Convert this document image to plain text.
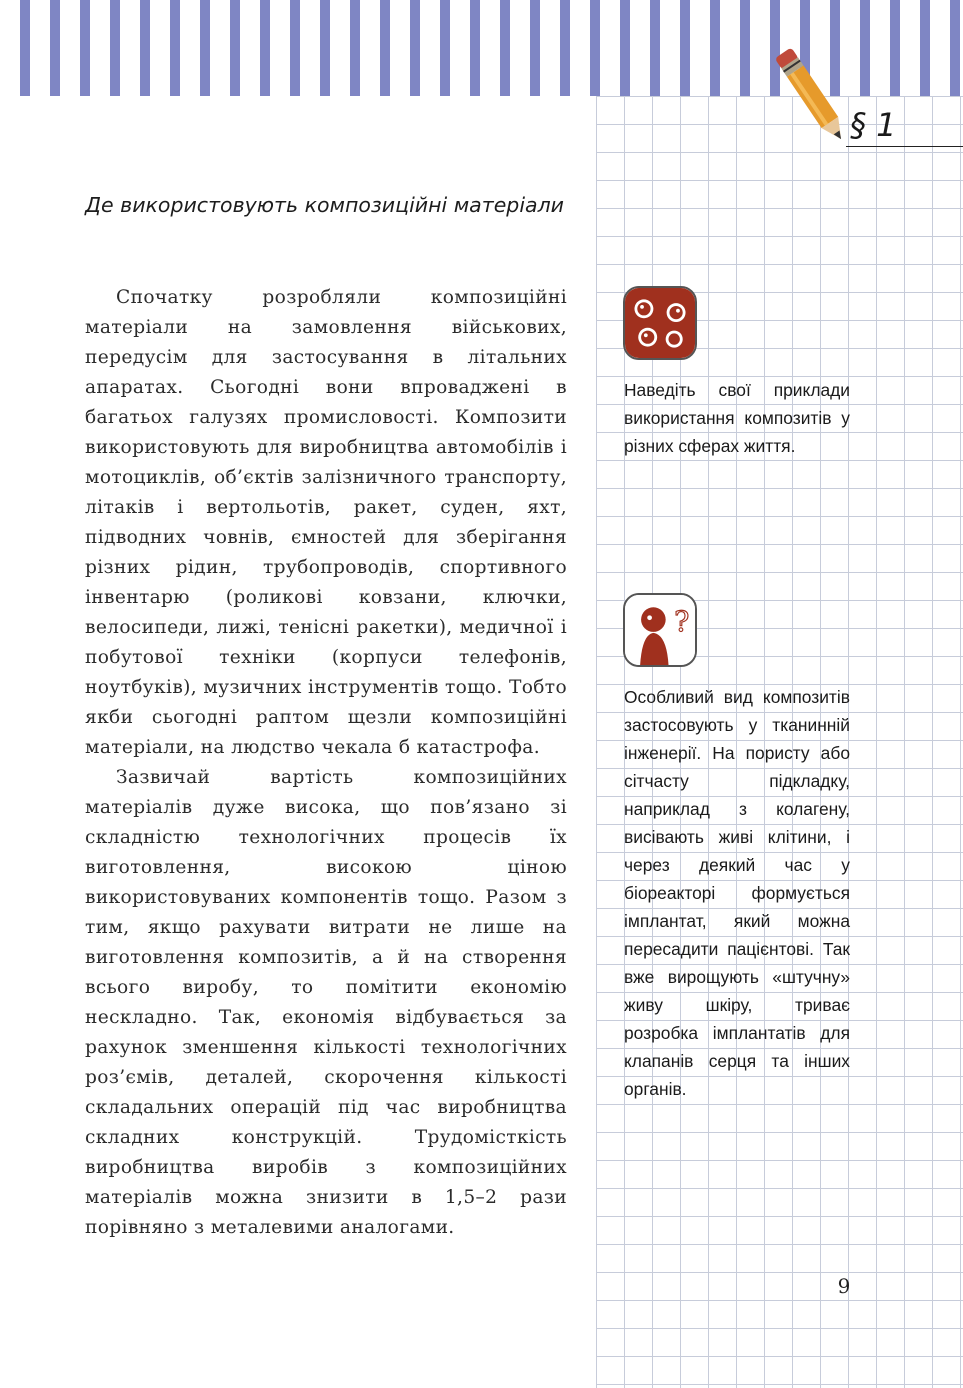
§ 1
Де використовують композиційні матеріали

Спочатку розробляли композиційні матеріали на замовлення військових, передусім для застосування в літальних апаратах. Сьогодні вони впроваджені в багатьох галузях промисловості. Композити використовують для виробництва автомобілів і мотоциклів, об’єктів залізничного транспорту, літаків і вертольотів, ракет, суден, яхт, підводних човнів, ємностей для зберігання різних рідин, трубопроводів, спортивного інвентарю (роликові ковзани, ключки, велосипеди, лижі, тенісні ракетки), медичної і побутової техніки (корпуси телефонів, ноутбуків), музичних інструментів тощо. Тобто якби сьогодні раптом щезли композиційні матеріали, на людство чекала б катастрофа.

Зазвичай вартість композиційних матеріалів дуже висока, що пов’язано зі складністю технологічних процесів їх виготовлення, високою ціною використовуваних компонентів тощо. Разом з тим, якщо рахувати витрати не лише на виготовлення композитів, а й на створення всього виробу, то помітити економію нескладно. Так, економія відбувається за рахунок зменшення кількості технологічних роз’ємів, деталей, скорочення кількості складальних операцій під час виробництва складних конструкцій. Трудомісткість виробництва виробів з композиційних матеріалів можна знизити в 1,5–2 рази порівняно з металевими аналогами.

Наведіть свої приклади використання композитів у різних сферах життя.
?
Особливий вид композитів застосовують у тканинній інженерії. На пористу або сітчасту підкладку, наприклад з колагену, висівають живі клітини, і через деякий час у біореакторі формується імплантат, який можна пересадити пацієнтові. Так вже вирощують «штучну» живу шкіру, триває розробка імплантатів для клапанів серця та інших органів.
9
